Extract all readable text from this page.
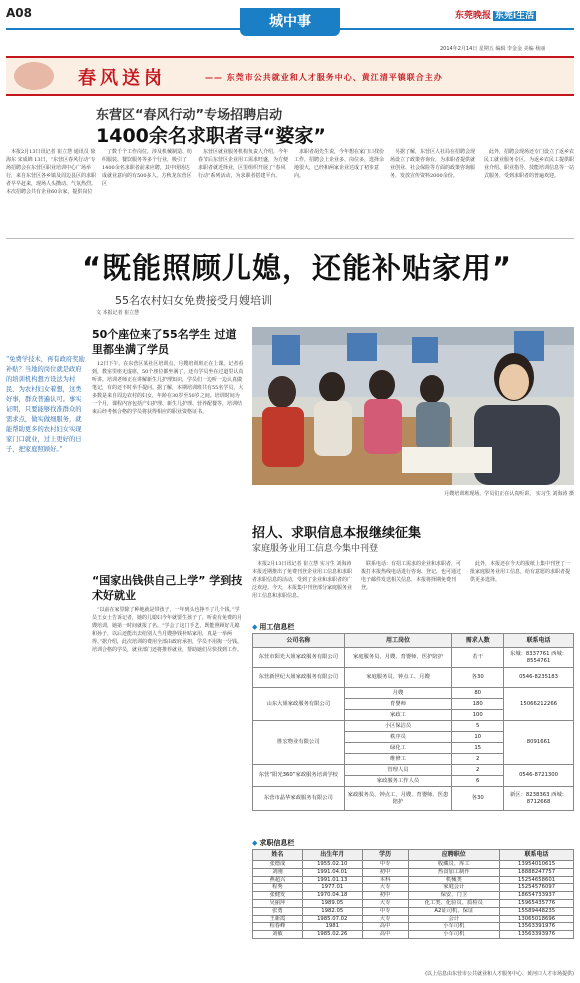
A08
城中事	东莞晚报 东莞i生活
2014年2月14日 星期五 编辑 李金金 美编 杨丽
春风送岗	—— 东莞市公共就业和人才服务中心、黄江清平镇联合主办
东营区“春风行动”专场招聘启动
1400余名求职者寻“婆家”
本报2月13日讯记者 崔立慧 通讯员 徐海东 宋成锦 13日，“东营区春风行动”专场招聘会在东营区职业培训中心广场举行，来自东营区各乡镇及周边县区的求职者早早赶来，现场人头攒动、气氛热烈。本次招聘会共有企业60余家，提供岗位
了数千个工作岗位，涉及机械制造、纺织服装、餐饮服务等多个行业，吸引了1400余名求职者前来应聘，其中现场达成就业意向的有500多人。方秋龙东营区区
东营区就业服务机构负责人介绍，今年春节后东营区企业用工需求旺盛，为方便求职者就近择业，区里组织开展了“春风行动”系列活动，为求职者搭建平台。
求职者胡先生说，今年想在家门口找份工作，招聘会上企业多、岗位多，选择余地很大，已经和两家企业达成了初步意向。
另据了解，东营区人社局在招聘会现场设立了政策咨询台，为求职者提供就业创业、社会保险等方面的政策咨询服务，发放宣传资料2000余份。
此外，招聘会现场还专门设立了返乡农民工就业服务专区，为返乡农民工提供职业介绍、职业指导、技能培训信息等一站式服务，受到求职者的普遍欢迎。
“既能照顾儿媳，还能补贴家用”
55名农村妇女免费接受月嫂培训
文 本报记者 崔立慧
“免费学技术，再有政府奖励补贴？当地的岗位就是政府的培训机构想方设法为村民、为农村妇女着想，这类好事，群众普遍认可。事实证明，只要能够找准群众的需求点，做实做细服务，就能帮助更多的农村妇女实现家门口就业，过上更好的日子，把家庭照顾好。”
50个座位来了55名学生 过道里都坐满了学员
12日下午，在东营区某社区培训点，月嫂培训班正在上课。记者看到，教室里座无虚席，50个座位都坐满了，还有学员坐在过道里认真听讲。培训老师正在讲解新生儿护理知识，学员们一边听一边认真做笔记，有的还不时举手提问。据了解，本期培训班共有55名学员，大多数是来自周边农村的妇女，年龄在30岁至50岁之间。培训时间为一个月，课程内容包括产妇护理、新生儿护理、营养配餐等，培训结束后经考核合格的学员将获得相应的职业资格证书。
“国家出钱供自己上学” 学到技术好就业
“以前在家里除了种地就是带孩子，一年到头也挣不了几个钱。”学员王女士告诉记者，她的儿媳妇今年就要生孩子了，听说有免费的月嫂培训，她第一时间就报了名。“学会了这门手艺，既能照顾好儿媳和孙子，以后还能出去给别人当月嫂挣钱补贴家用，真是一举两得。”据介绍，此次培训的费用全部由政府承担，学员不用掏一分钱。培训合格的学员，就业部门还将推荐就业，帮助她们尽快找到工作。
月嫂培训班现场，学员们正在认真听讲。 实习生 刘海涛 摄
招人、求职信息本报继续征集
家庭服务业用工信息今集中刊登
本报2月13日讯记者 崔立慧 实习生 刘海涛 本报近期推出了免费刊登企业用工信息和求职者求职信息的活动，受到了企业和求职者的广泛欢迎。今天，本报集中刊登部分家庭服务业用工信息和求职信息。
联系电话：有招工需求的企业和求职者，可拨打本报热线电话进行咨询、登记，也可通过电子邮件发送相关信息，本报将择期免费刊登。
此外，本报还在今天的报纸上集中刊登了一批家庭服务业用工信息，给有意愿的求职者提供更多选择。
◆ 用工信息栏
公司名称	用工岗位	需求人数	联系电话
东营市阳光大姐家政服务有限公司	家庭服务员、月嫂、育婴师、医护陪护	若干	东城：8337761 西城：8554761
东营新世纪大姐家政服务有限公司	家庭服务员、钟点工、月嫂	各30	0546-8235183
山东大姐家政服务有限公司	月嫂	80	15066212266
	育婴师	180	
	家政工	100	
胜宏物业有限公司	小区保洁员	5	8091661
	秩序员	10	
	绿化工	15	
	维修工	2	
东营“阳光360”家政服务培训学校	管理人员	2	0546-8721300
	家政服务工作人员	6	
东营市晶华家政服务有限公司	家政服务员、钟点工、月嫂、育婴师、医患陪护	各30	新区：8238363 西城：8712668
◆ 求职信息栏
姓名	出生年月	学历	应聘职位	联系电话
张德成	1955.02.10	中专	收藏员、库工	13954010615
刘刚	1991.04.01	初中	热食加工制作	18888247757
燕超兴	1991.01.13	本科	机械类	15254658601
程秀	1977.01	大专	家庭会计	15254576097
张健发	1970.04.18	初中	保安、门卫	18654733937
吴丽萍	1989.05	大专	化工类、化验员、质检员	15965435776
张勇	1982.05	中专	A2证司机、保证	15589448235
王新霞	1985.07.02	大专	会计	13065018696
程春峰	1981	高中	小车司机	13563391976
刘敏	1985.02.26	高中	小车司机	13563393976
(以上信息由东营市公共就业和人才服务中心、黄河口人才市场提供)
